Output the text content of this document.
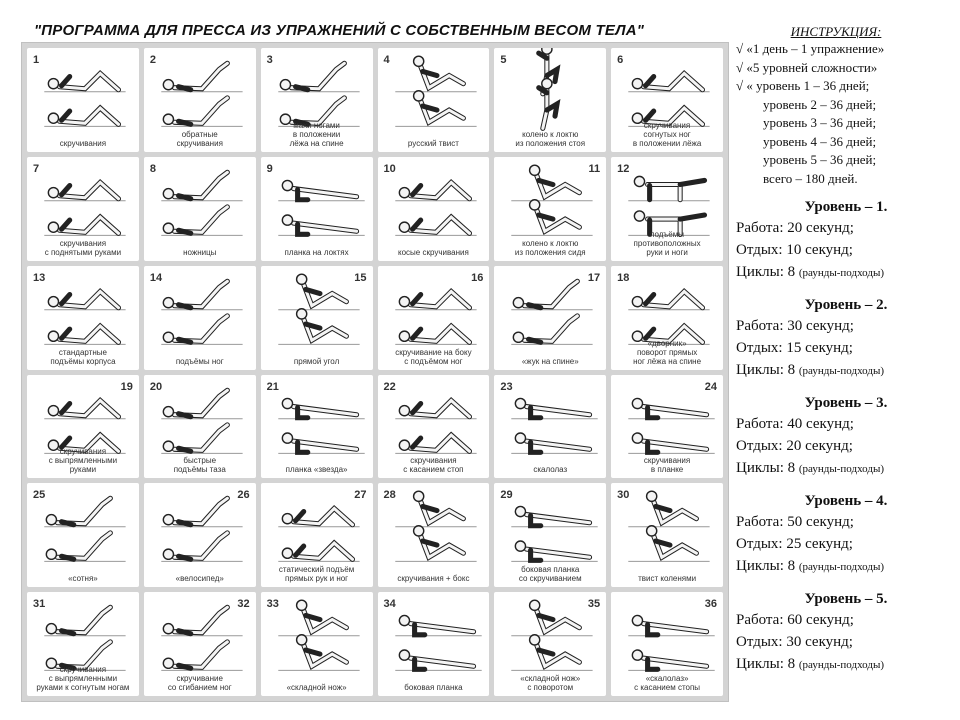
"ПРОГРАММА ДЛЯ ПРЕССА ИЗ УПРАЖНЕНИЙ С СОБСТВЕННЫМ ВЕСОМ ТЕЛА"
1
скручивания
2
обратные
скручивания
3
махи ногами
в положении
лёжа на спине
4
русский твист
5
колено к локтю
из положения стоя
6
скручивания
согнутых ног
в положении лёжа
7
скручивания
с поднятыми руками
8
ножницы
9
планка на локтях
10
косые скручивания
11
колено к локтю
из положения сидя
12
подъёмы
противоположных
руки и ноги
13
стандартные
подъёмы корпуса
14
подъёмы ног
15
прямой угол
16
скручивание на боку
с подъёмом ног
17
«жук на спине»
18
«дворник»
поворот прямых
ног лёжа на спине
19
скручивания
с выпрямленными
руками
20
быстрые
подъёмы таза
21
планка «звезда»
22
скручивания
с касанием стоп
23
скалолаз
24
скручивания
в планке
25
«сотня»
26
«велосипед»
27
статический подъём
прямых рук и ног
28
скручивания + бокс
29
боковая планка
со скручиванием
30
твист коленями
31
скручивания
с выпрямленными
руками к согнутым ногам
32
скручивание
со сгибанием ног
33
«складной нож»
34
боковая планка
35
«складной нож»
с поворотом
36
«скалолаз»
с касанием стопы
ИНСТРУКЦИЯ:
√ «1 день – 1 упражнение»
√ «5 уровней сложности»
√ « уровень 1 – 36 дней;
уровень 2 – 36 дней;
уровень 3 – 36 дней;
уровень 4 – 36 дней;
уровень 5 – 36 дней;
всего – 180 дней.
Уровень – 1.
Работа: 20 секунд;
Отдых: 10 секунд;
Циклы: 8 (раунды-подходы)
Уровень – 2.
Работа: 30 секунд;
Отдых: 15 секунд;
Циклы: 8 (раунды-подходы)
Уровень – 3.
Работа: 40 секунд;
Отдых: 20 секунд;
Циклы: 8 (раунды-подходы)
Уровень – 4.
Работа: 50 секунд;
Отдых: 25 секунд;
Циклы: 8 (раунды-подходы)
Уровень – 5.
Работа: 60 секунд;
Отдых: 30 секунд;
Циклы: 8 (раунды-подходы)
